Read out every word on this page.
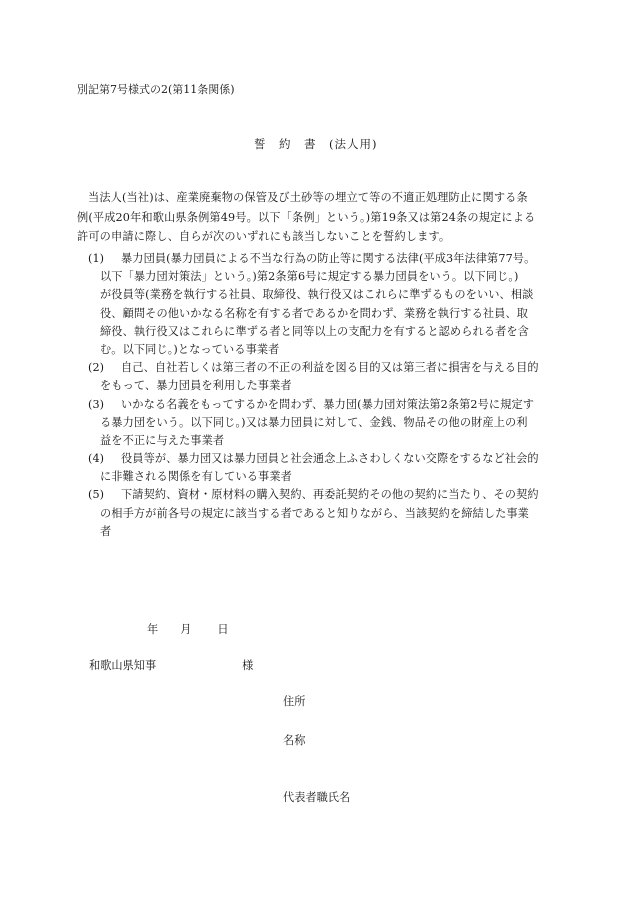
別記第7号様式の2(第11条関係)
誓　約　書　(法人用)
当法人(当社)は、産業廃棄物の保管及び土砂等の埋立て等の不適正処理防止に関する条
例(平成20年和歌山県条例第49号。以下「条例」という。)第19条又は第24条の規定による
許可の申請に際し、自らが次のいずれにも該当しないことを誓約します。
(1) 暴力団員(暴力団員による不当な行為の防止等に関する法律(平成3年法律第77号。
以下「暴力団対策法」という。)第2条第6号に規定する暴力団員をいう。以下同じ。)
が役員等(業務を執行する社員、取締役、執行役又はこれらに準ずるものをいい、相談
役、顧問その他いかなる名称を有する者であるかを問わず、業務を執行する社員、取
締役、執行役又はこれらに準ずる者と同等以上の支配力を有すると認められる者を含
む。以下同じ。)となっている事業者
(2) 自己、自社若しくは第三者の不正の利益を図る目的又は第三者に損害を与える目的
をもって、暴力団員を利用した事業者
(3) いかなる名義をもってするかを問わず、暴力団(暴力団対策法第2条第2号に規定す
る暴力団をいう。以下同じ。)又は暴力団員に対して、金銭、物品その他の財産上の利
益を不正に与えた事業者
(4) 役員等が、暴力団又は暴力団員と社会通念上ふさわしくない交際をするなど社会的
に非難される関係を有している事業者
(5) 下請契約、資材・原材料の購入契約、再委託契約その他の契約に当たり、その契約
の相手方が前各号の規定に該当する者であると知りながら、当該契約を締結した事業
者
年 月 日
和歌山県知事	様
住所
名称
代表者職氏名
